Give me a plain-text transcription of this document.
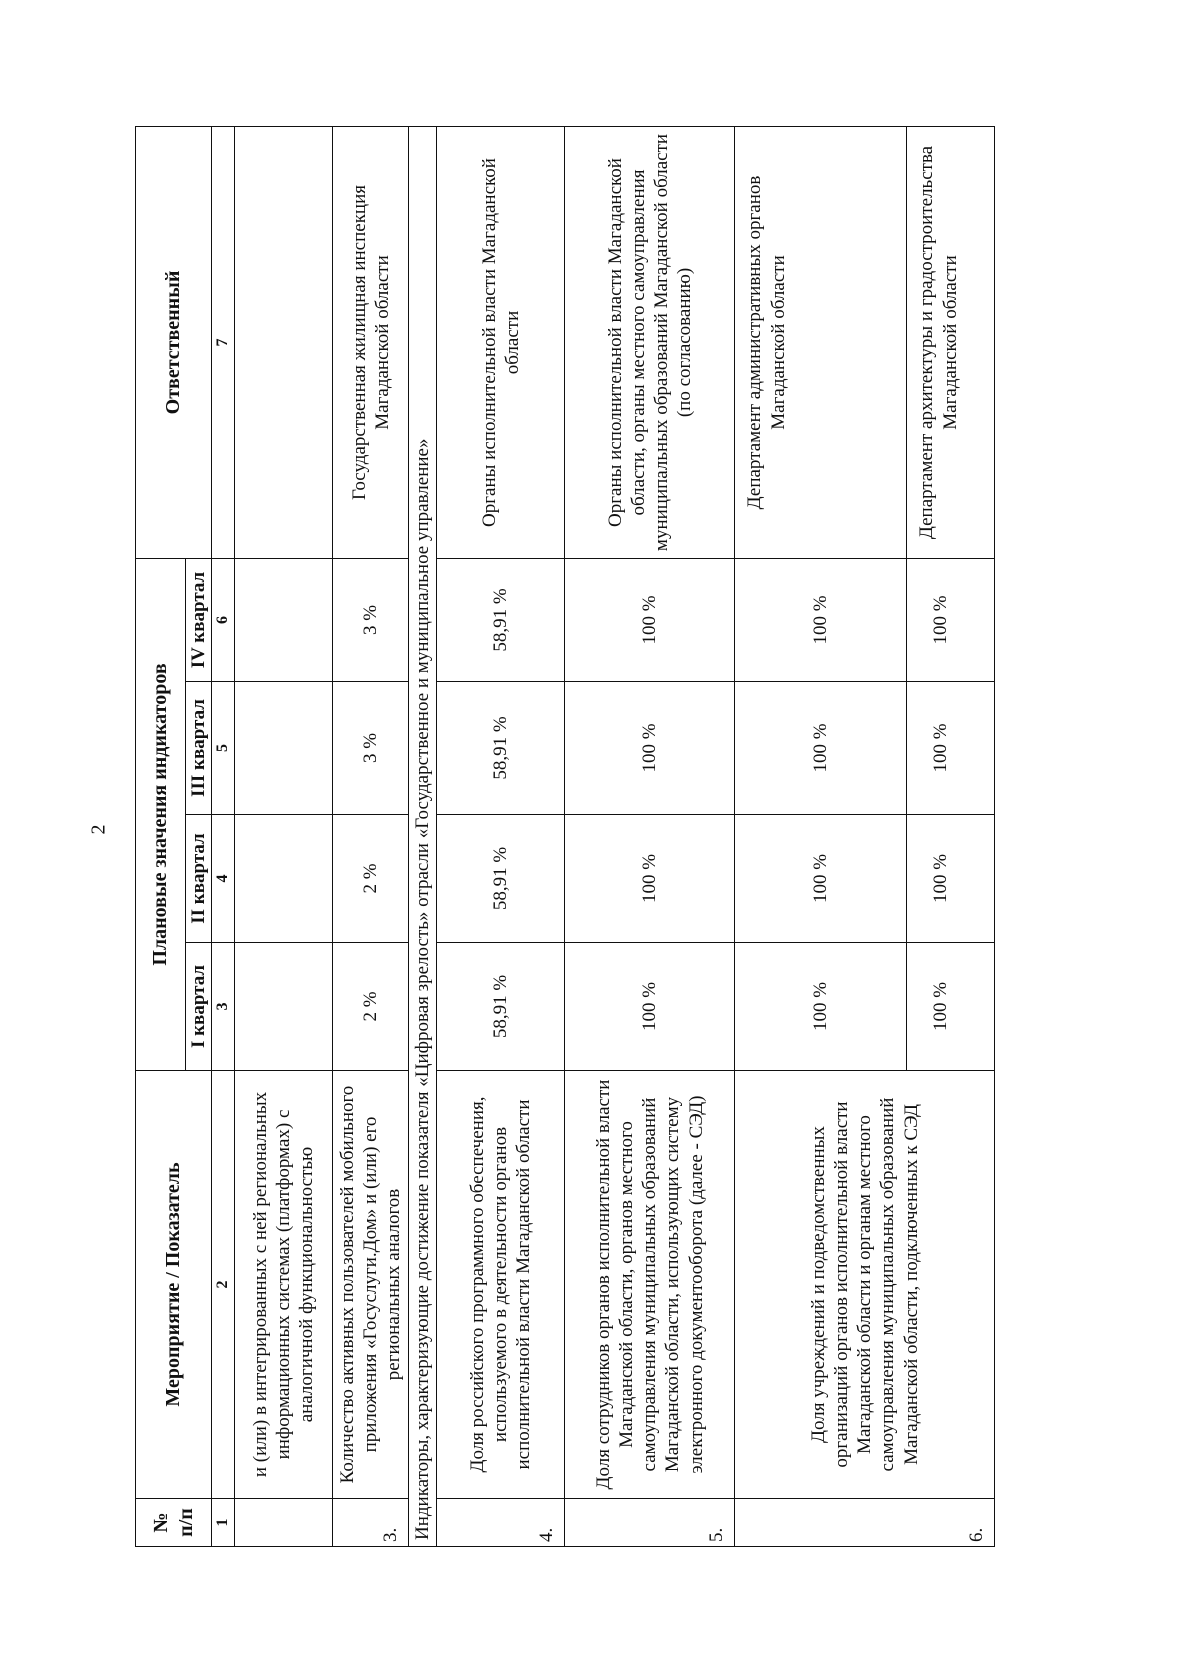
2
№ п/п	Мероприятие / Показатель	Плановые значения индикаторов				Ответственный
		I квартал	II квартал	III квартал	IV квартал	
1	2	3	4	5	6	7
	и (или) в интегрированных с ней региональных информационных системах (платформах) с аналогичной функциональностью					
3.	Количество активных пользователей мобильного приложения «Госуслуги.Дом» и (или) его региональных аналогов	2 %	2 %	3 %	3 %	Государственная жилищная инспекция Магаданской области
Индикаторы, характеризующие достижение показателя «Цифровая зрелость» отрасли «Государственное и муниципальное управление»						
4.	Доля российского программного обеспечения, используемого в деятельности органов исполнительной власти Магаданской области	58,91 %	58,91 %	58,91 %	58,91 %	Органы исполнительной власти Магаданской области
5.	Доля сотрудников органов исполнительной власти Магаданской области, органов местного самоуправления муниципальных образований Магаданской области, использующих систему электронного документооборота (далее - СЭД)	100 %	100 %	100 %	100 %	Органы исполнительной власти Магаданской области, органы местного самоуправления муниципальных образований Магаданской области (по согласованию)
6.	Доля учреждений и подведомственных организаций органов исполнительной власти Магаданской области и органам местного самоуправления муниципальных образований Магаданской области, подключенных к СЭД	100 %	100 %	100 %	100 %	Департамент административных органов Магаданской области
		100 %	100 %	100 %	100 %	Департамент архитектуры и градостроительства Магаданской области
